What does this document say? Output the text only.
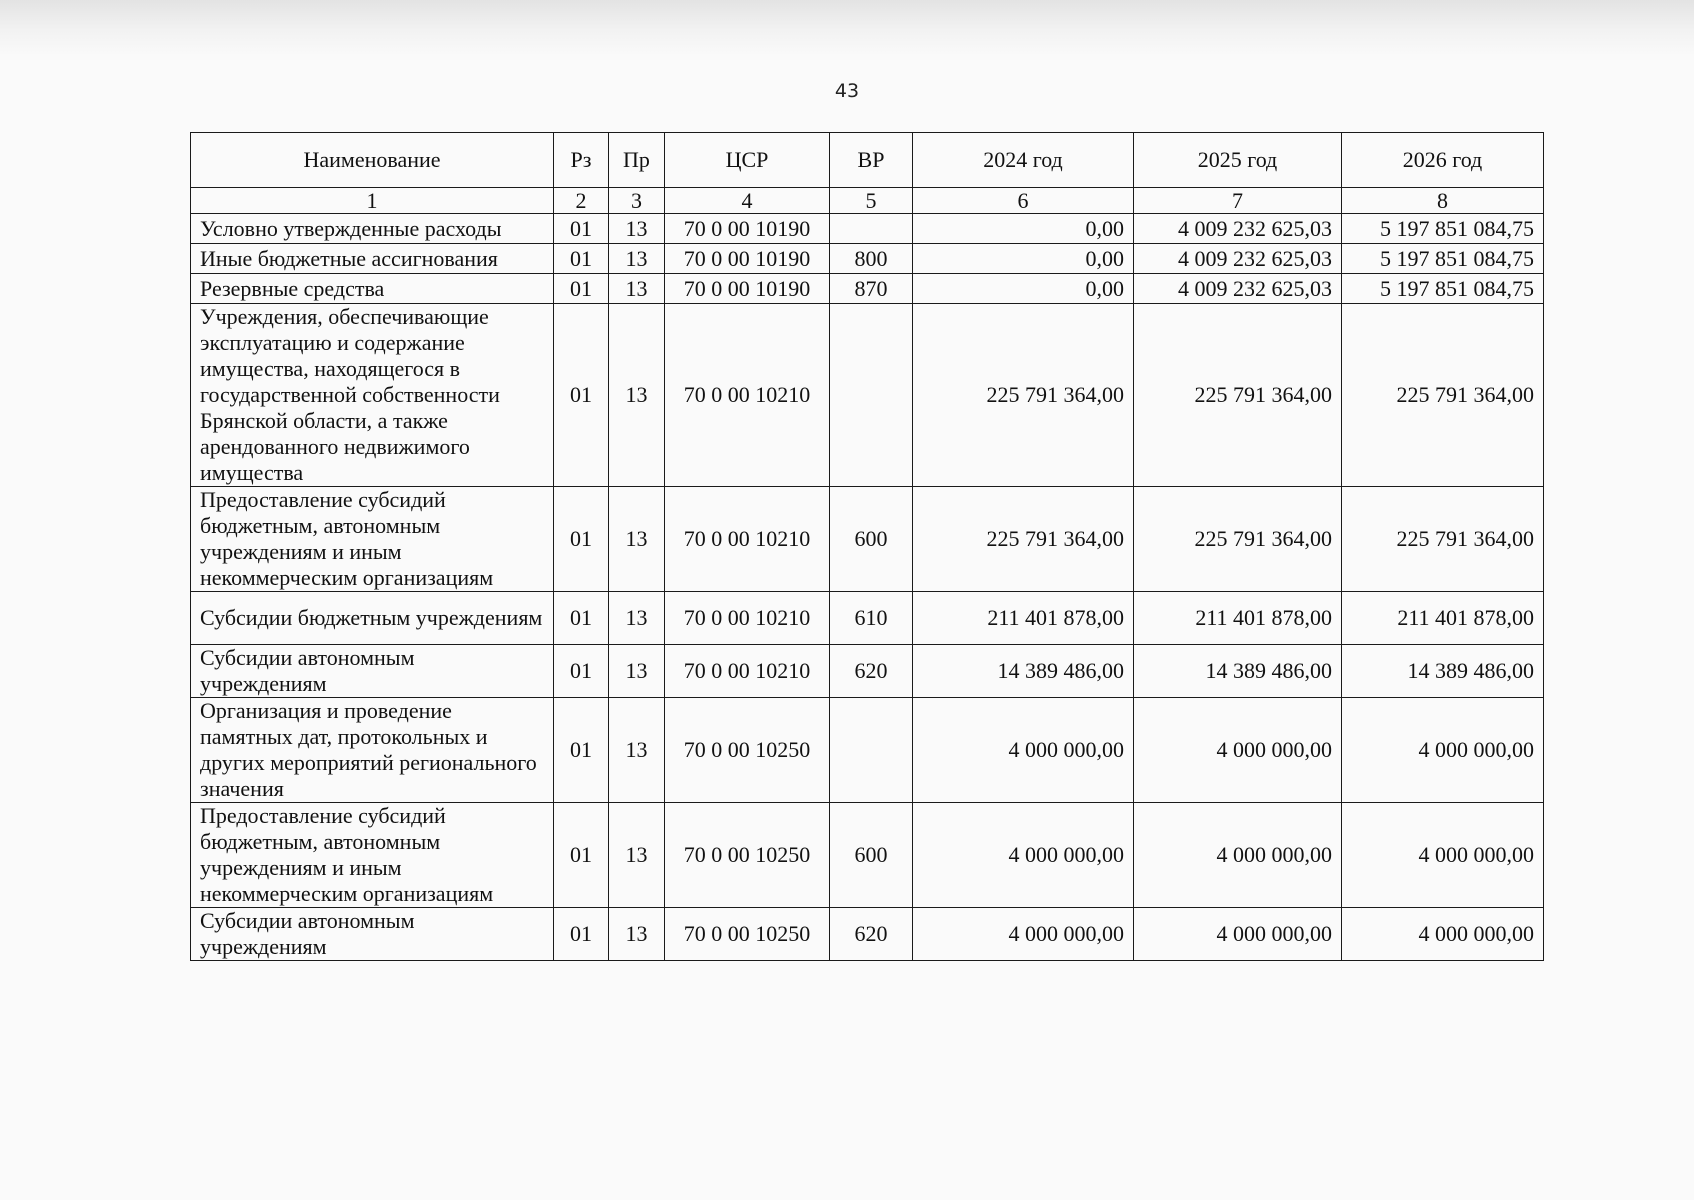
43
Наименование	Рз	Пр	ЦСР	ВР	2024 год	2025 год	2026 год
1	2	3	4	5	6	7	8
Условно утвержденные расходы	01	13	70 0 00 10190		0,00	4 009 232 625,03	5 197 851 084,75
Иные бюджетные ассигнования	01	13	70 0 00 10190	800	0,00	4 009 232 625,03	5 197 851 084,75
Резервные средства	01	13	70 0 00 10190	870	0,00	4 009 232 625,03	5 197 851 084,75
Учреждения, обеспечивающие эксплуатацию и содержание имущества, находящегося в государственной собственности Брянской области, а также арендованного недвижимого имущества	01	13	70 0 00 10210		225 791 364,00	225 791 364,00	225 791 364,00
Предоставление субсидий бюджетным, автономным учреждениям и иным некоммерческим организациям	01	13	70 0 00 10210	600	225 791 364,00	225 791 364,00	225 791 364,00
Субсидии бюджетным учреждениям	01	13	70 0 00 10210	610	211 401 878,00	211 401 878,00	211 401 878,00
Субсидии автономным учреждениям	01	13	70 0 00 10210	620	14 389 486,00	14 389 486,00	14 389 486,00
Организация и проведение памятных дат, протокольных и других мероприятий регионального значения	01	13	70 0 00 10250		4 000 000,00	4 000 000,00	4 000 000,00
Предоставление субсидий бюджетным, автономным учреждениям и иным некоммерческим организациям	01	13	70 0 00 10250	600	4 000 000,00	4 000 000,00	4 000 000,00
Субсидии автономным учреждениям	01	13	70 0 00 10250	620	4 000 000,00	4 000 000,00	4 000 000,00
